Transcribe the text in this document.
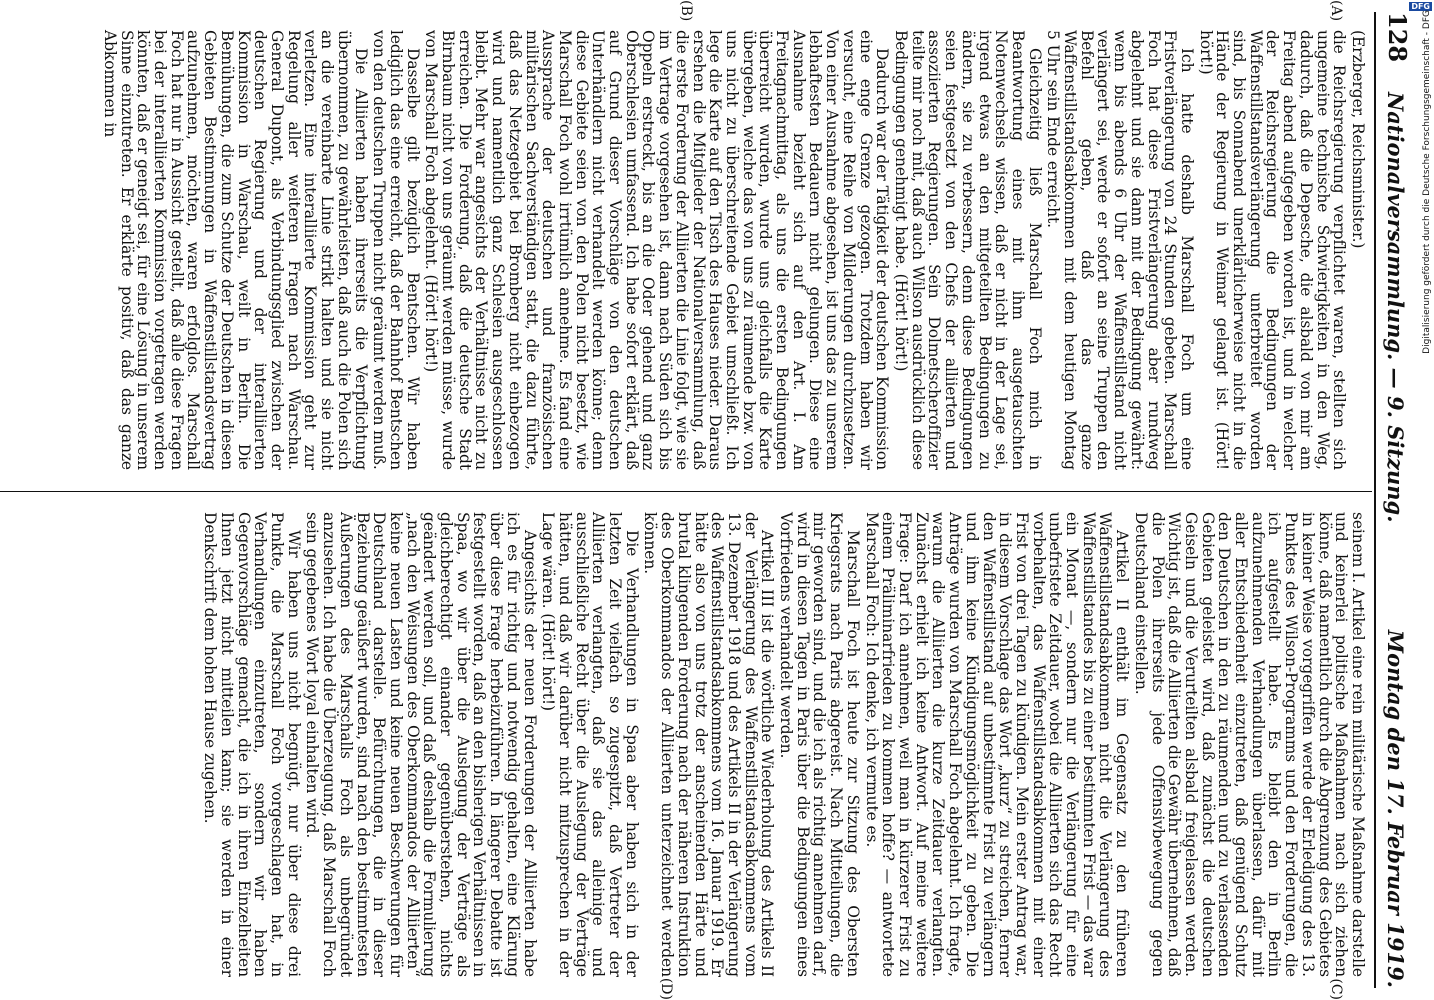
128
Nationalversammlung. — 9. Sitzung.
Montag den 17. Februar 1919.
(A)
(B)
(C)
(D)

(Erzberger, Reichsminister.)

die Reichsregierung verpflichtet waren, stellten sich ungemeine technische Schwierigkeiten in den Weg, dadurch, daß die Depesche, die alsbald von mir am Freitag abend aufgegeben worden ist, und in welcher der Reichsregierung die Bedingungen der Waffenstillstandsverlängerung unterbreitet worden sind, bis Sonnabend unerklärlicherweise nicht in die Hände der Regierung in Weimar gelangt ist. (Hört! hört!)

Ich hatte deshalb Marschall Foch um eine Fristverlängerung von 24 Stunden gebeten. Marschall Foch hat diese Fristverlängerung aber rundweg abgelehnt und sie dann mit der Bedingung gewährt: wenn bis abends 6 Uhr der Waffenstillstand nicht verlängert sei, werde er sofort an seine Truppen den Befehl geben, daß das ganze Waffenstillstandsabkommen mit dem heutigen Montag 5 Uhr sein Ende erreicht.

Gleichzeitig ließ Marschall Foch mich in Beantwortung eines mit ihm ausgetauschten Notenwechsels wissen, daß er nicht in der Lage sei, irgend etwas an den mitgeteilten Bedingungen zu ändern, sie zu verbessern, denn diese Bedingungen seien festgesetzt von den Chefs der alliierten und assoziierten Regierungen. Sein Dolmetscheroffizier teilte mir noch mit, daß auch Wilson ausdrücklich diese Bedingungen genehmigt habe. (Hört! hört!)

Dadurch war der Tätigkeit der deutschen Kommission eine enge Grenze gezogen. Trotzdem haben wir versucht, eine Reihe von Milderungen durchzusetzen. Von einer Ausnahme abgesehen, ist uns das zu unserem lebhaftesten Bedauern nicht gelungen. Diese eine Ausnahme bezieht sich auf den Art. I. Am Freitagnachmittag, als uns die ersten Bedingungen überreicht wurden, wurde uns gleichfalls die Karte übergeben, welche das von uns zu räumende bzw. von uns nicht zu überschreitende Gebiet umschließt. Ich lege die Karte auf den Tisch des Hauses nieder. Daraus ersehen die Mitglieder der Nationalversammlung, daß die erste Forderung der Alliierten die Linie folgt, wie sie im Vertrage vorgesehen ist, dann nach Süden sich bis Oppeln erstreckt, bis an die Oder gehend und ganz Oberschlesien umfassend. Ich habe sofort erklärt, daß auf Grund dieser Vorschläge von den deutschen Unterhändlern nicht verhandelt werden könne; denn diese Gebiete seien von den Polen nicht besetzt, wie Marschall Foch wohl irrtümlich annehme. Es fand eine Aussprache der deutschen und französischen militärischen Sachverständigen statt, die dazu führte, daß das Netzegebiet bei Bromberg nicht einbezogen wird und namentlich ganz Schlesien ausgeschlossen bleibt. Mehr war angesichts der Verhältnisse nicht zu erreichen. Die Forderung, daß die deutsche Stadt Birnbaum nicht von uns geräumt werden müsse, wurde von Marschall Foch abgelehnt. (Hört! hört!)

Dasselbe gilt bezüglich Bentschen. Wir haben lediglich das eine erreicht, daß der Bahnhof Bentschen von den deutschen Truppen nicht geräumt werden muß.

Die Alliierten haben ihrerseits die Verpflichtung übernommen, zu gewährleisten, daß auch die Polen sich an die vereinbarte Linie strikt halten und sie nicht verletzen. Eine interalliierte Kommission geht zur Regelung aller weiteren Fragen nach Warschau. General Dupont, als Verbindungsglied zwischen der deutschen Regierung und der interalliierten Kommission in Warschau, weilt in Berlin. Die Bemühungen, die zum Schutze der Deutschen in diesen Gebieten Bestimmungen in Waffenstillstandsvertrag aufzunehmen, möchten, waren erfolglos. Marschall Foch hat nur in Aussicht gestellt, daß alle diese Fragen bei der interalliierten Kommission vorgetragen werden könnten, daß er geneigt sei, für eine Lösung in unserem Sinne einzutreten. Er erklärte positiv, daß das ganze Abkommen in

seinem I. Artikel eine rein militärische Maßnahme darstelle und keinerlei politische Maßnahmen nach sich ziehen könne, daß namentlich durch die Abgrenzung des Gebietes in keiner Weise vorgegriffen werde der Erledigung des 13. Punktes des Wilson-Programms und den Forderungen, die ich aufgestellt habe. Es bleibt den in Berlin aufzunehmenden Verhandlungen überlassen, dafür mit aller Entschiedenheit einzutreten, daß genügend Schutz den Deutschen in den zu räumenden und zu verlassenden Gebieten geleistet wird, daß zunächst die deutschen Geiseln und die Verurteilten alsbald freigelassen werden. Wichtig ist, daß die Alliierten die Gewähr übernehmen, daß die Polen ihrerseits jede Offensivbewegung gegen Deutschland einstellen.

Artikel II enthält im Gegensatz zu den früheren Waffenstillstandsabkommen nicht die Verlängerung des Waffenstillstandes bis zu einer bestimmten Frist — das war ein Monat —, sondern nur die Verlängerung für eine unbefristete Zeitdauer, wobei die Alliierten sich das Recht vorbehalten, das Waffenstillstandsabkommen mit einer Frist von drei Tagen zu kündigen. Mein erster Antrag war, in diesem Vorschlage das Wort „kurz“ zu streichen, ferner den Waffenstillstand auf unbestimmte Frist zu verlängern und ihm keine Kündigungsmöglichkeit zu geben. Die Anträge wurden von Marschall Foch abgelehnt. Ich fragte, warum die Alliierten die kurze Zeitdauer verlangten. Zunächst erhielt ich keine Antwort. Auf meine weitere Frage: Darf ich annehmen, weil man in kürzerer Frist zu einem Präliminarfrieden zu kommen hoffe? — antwortete Marschall Foch: Ich denke, ich vermute es.

Marschall Foch ist heute zur Sitzung des Obersten Kriegsrats nach Paris abgereist. Nach Mitteilungen, die mir geworden sind, und die ich als richtig annehmen darf, wird in diesen Tagen in Paris über die Bedingungen eines Vorfriedens verhandelt werden.

Artikel III ist die wörtliche Wiederholung des Artikels II der Verlängerung des Waffenstillstandsabkommens vom 13. Dezember 1918 und des Artikels II in der Verlängerung des Waffenstillstandsabkommens vom 16. Januar 1919. Er hätte also von uns trotz der anscheinenden Härte und brutal klingenden Forderung nach der näheren Instruktion des Oberkommandos der Alliierten unterzeichnet werden können.

Die Verhandlungen in Spaa aber haben sich in der letzten Zeit vielfach so zugespitzt, daß Vertreter der Alliierten verlangten, daß sie das alleinige und ausschließliche Recht über die Auslegung der Verträge hätten, und daß wir darüber nicht mitzusprechen in der Lage wären. (Hört! hört!)

Angesichts der neuen Forderungen der Alliierten habe ich es für richtig und notwendig gehalten, eine Klärung über diese Frage herbeizuführen. In längerer Debatte ist festgestellt worden, daß an den bisherigen Verhältnissen in Spaa, wo wir über die Auslegung der Verträge als gleichberechtigt einander gegenüberstehen, nichts geändert werden soll, und daß deshalb die Formulierung „nach den Weisungen des Oberkommandos der Alliierten“ keine neuen Lasten und keine neuen Beschwerungen für Deutschland darstelle. Befürchtungen, die in dieser Beziehung geäußert wurden, sind nach den bestimmtesten Äußerungen des Marschalls Foch als unbegründet anzusehen. Ich habe die Überzeugung, daß Marschall Foch sein gegebenes Wort loyal einhalten wird.

Wir haben uns nicht begnügt, nur über diese drei Punkte, die Marschall Foch vorgeschlagen hat, in Verhandlungen einzutreten, sondern wir haben Gegenvorschläge gemacht, die ich in ihren Einzelheiten Ihnen jetzt nicht mitteilen kann; sie werden in einer Denkschrift dem hohen Hause zugehen.

DFG
Digitalisierung gefördert durch die Deutsche Forschungsgemeinschaft - DFG
